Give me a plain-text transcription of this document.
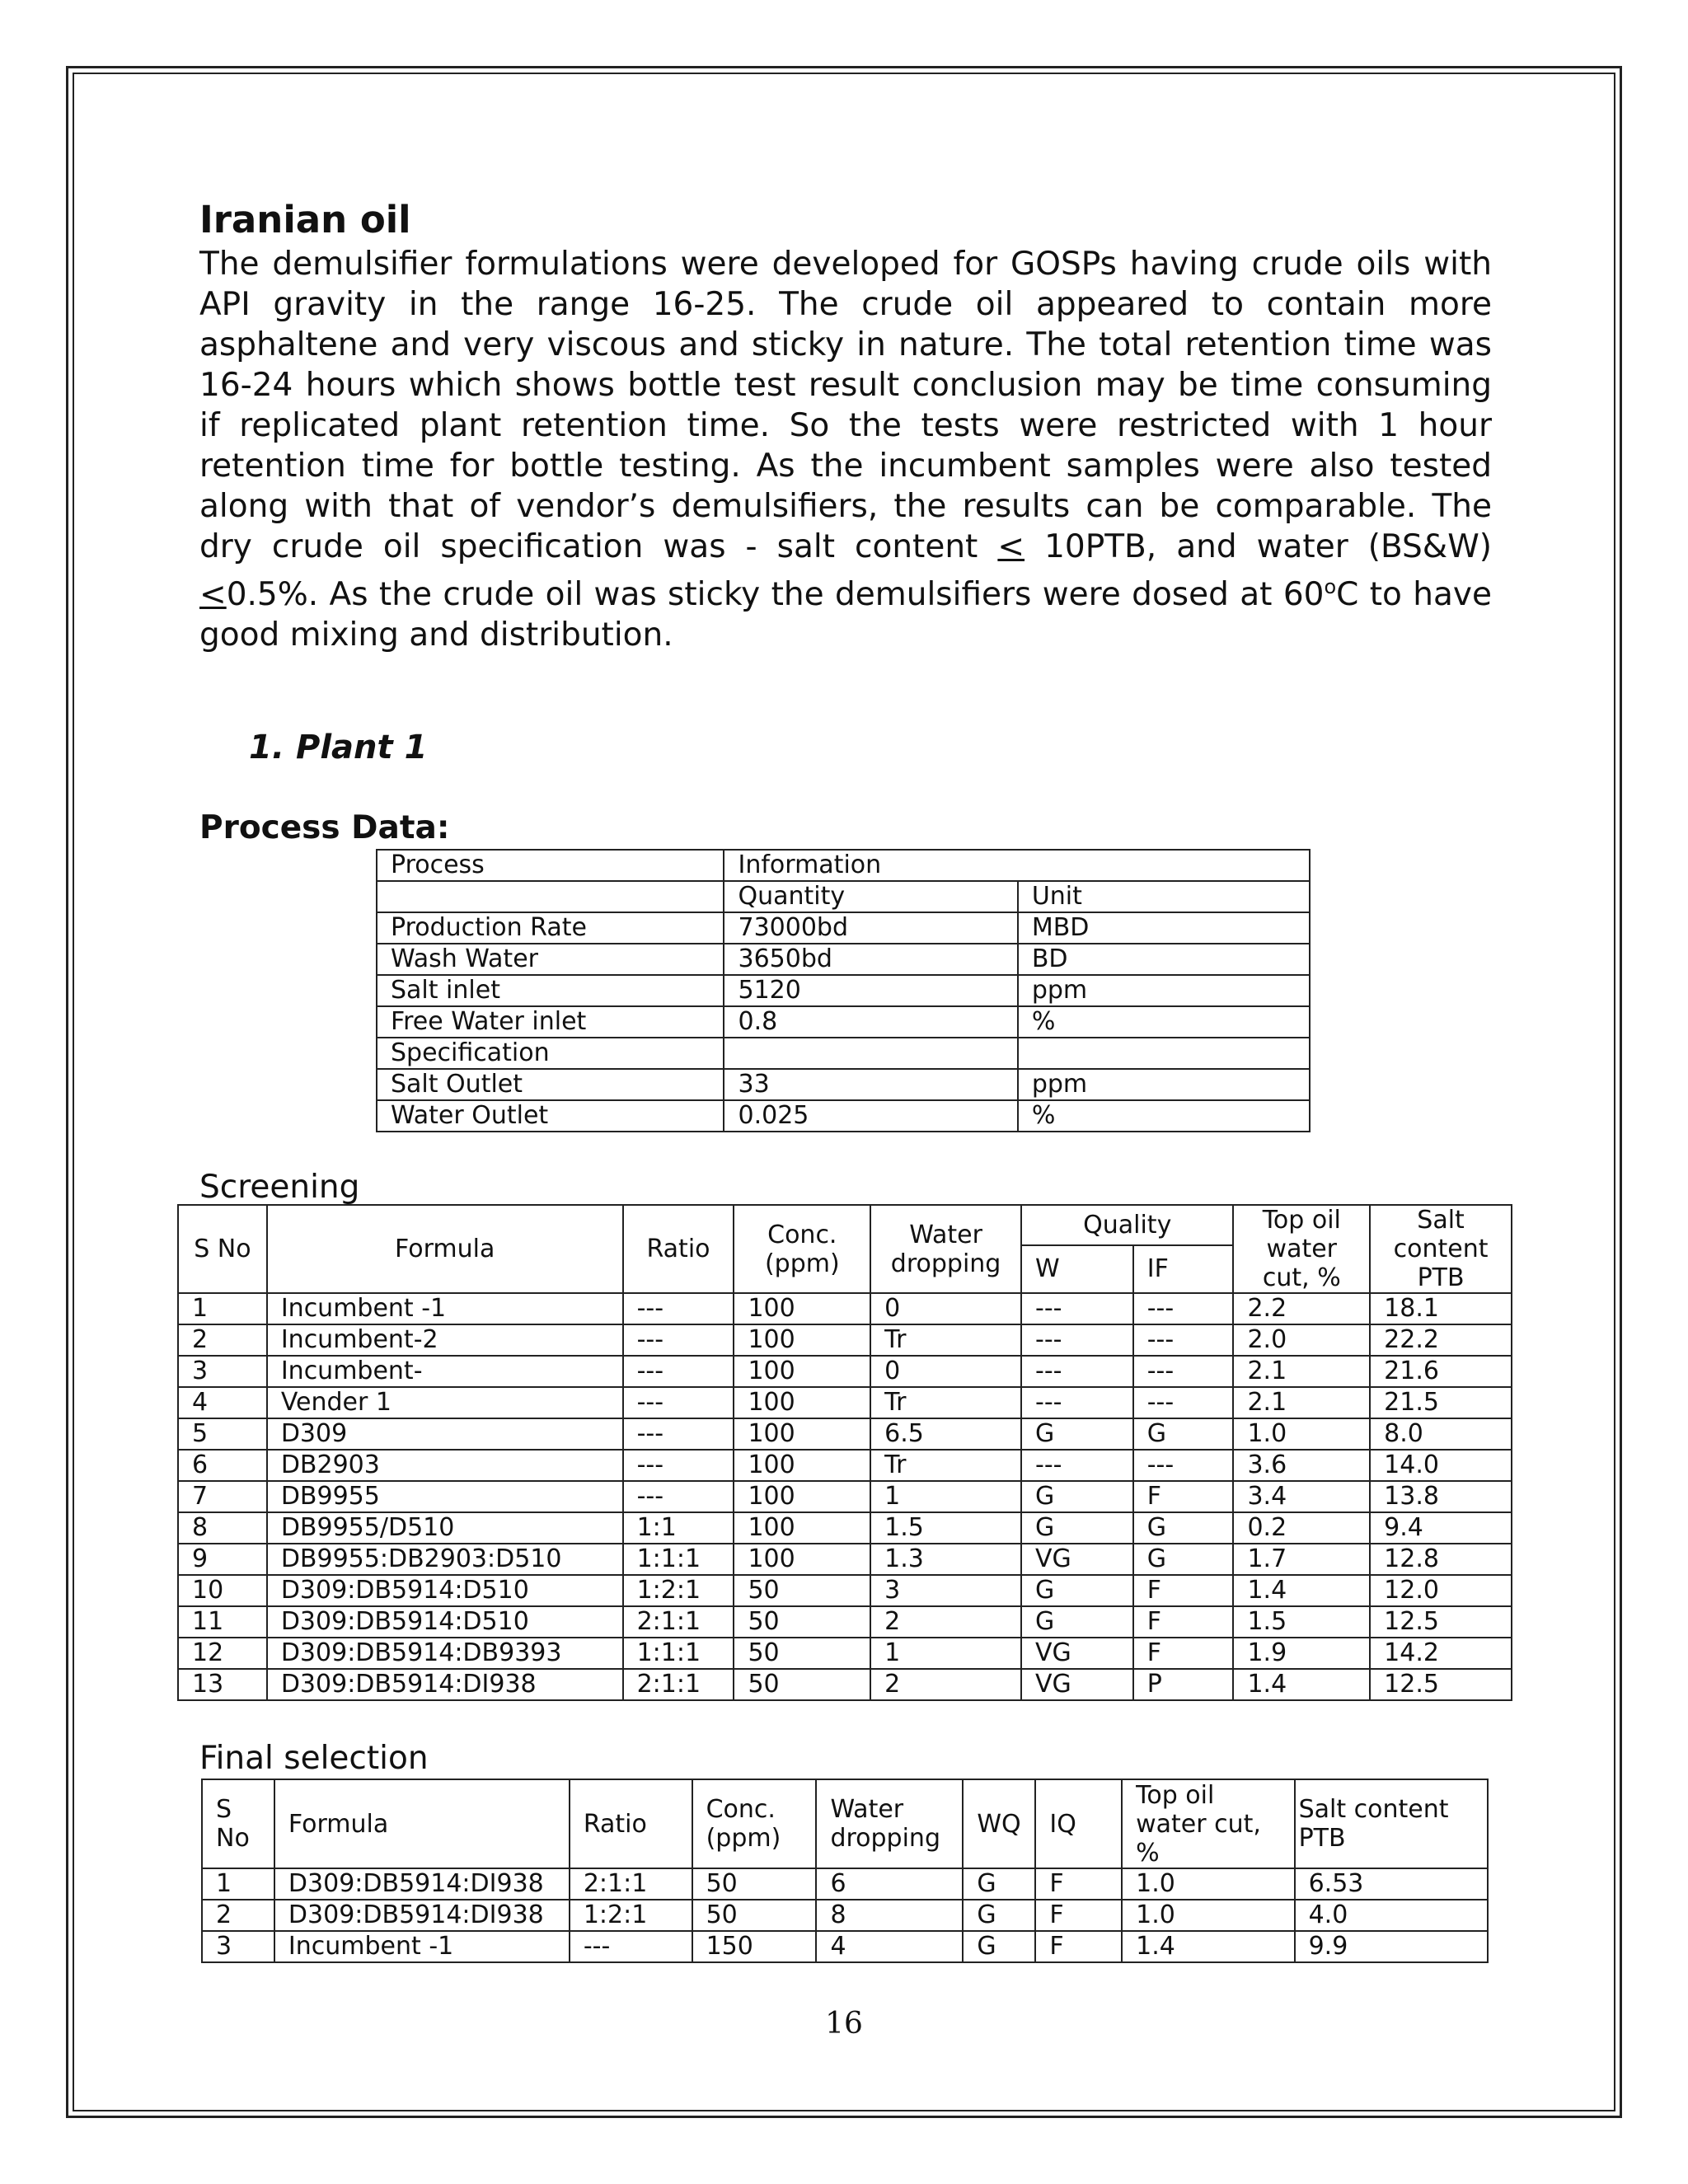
Iranian oil

The demulsifier formulations were developed for GOSPs having crude oils with API gravity in the range 16-25. The crude oil appeared to contain more asphaltene and very viscous and sticky in nature. The total retention time was 16-24 hours which shows bottle test result conclusion may be time consuming if replicated plant retention time. So the tests were restricted with 1 hour retention time for bottle testing. As the incumbent samples were also tested along with that of vendor’s demulsifiers, the results can be comparable. The dry crude oil specification was - salt content ≤ 10PTB, and water (BS&W) ≤0.5%. As the crude oil was sticky the demulsifiers were dosed at 60$^o$C to have good mixing and distribution.

1. Plant 1

Process Data:

Process	Information	
	Quantity	Unit
Production Rate	73000bd	MBD
Wash Water	3650bd	BD
Salt inlet	5120	ppm
Free Water inlet	0.8	%
Specification		
Salt Outlet	33	ppm
Water Outlet	0.025	%

Screening

S No	Formula	Ratio	Conc. (ppm)	Water dropping	Quality		Top oil water cut, %	Salt content PTB
					W	IF		
1	Incumbent -1	---	100	0	---	---	2.2	18.1
2	Incumbent-2	---	100	Tr	---	---	2.0	22.2
3	Incumbent-	---	100	0	---	---	2.1	21.6
4	Vender 1	---	100	Tr	---	---	2.1	21.5
5	D309	---	100	6.5	G	G	1.0	8.0
6	DB2903	---	100	Tr	---	---	3.6	14.0
7	DB9955	---	100	1	G	F	3.4	13.8
8	DB9955/D510	1:1	100	1.5	G	G	0.2	9.4
9	DB9955:DB2903:D510	1:1:1	100	1.3	VG	G	1.7	12.8
10	D309:DB5914:D510	1:2:1	50	3	G	F	1.4	12.0
11	D309:DB5914:D510	2:1:1	50	2	G	F	1.5	12.5
12	D309:DB5914:DB9393	1:1:1	50	1	VG	F	1.9	14.2
13	D309:DB5914:DI938	2:1:1	50	2	VG	P	1.4	12.5

Final selection

S No	Formula	Ratio	Conc. (ppm)	Water dropping	WQ	IQ	Top oil water cut, %	Salt content PTB
1	D309:DB5914:DI938	2:1:1	50	6	G	F	1.0	6.53
2	D309:DB5914:DI938	1:2:1	50	8	G	F	1.0	4.0
3	Incumbent -1	---	150	4	G	F	1.4	9.9

16
